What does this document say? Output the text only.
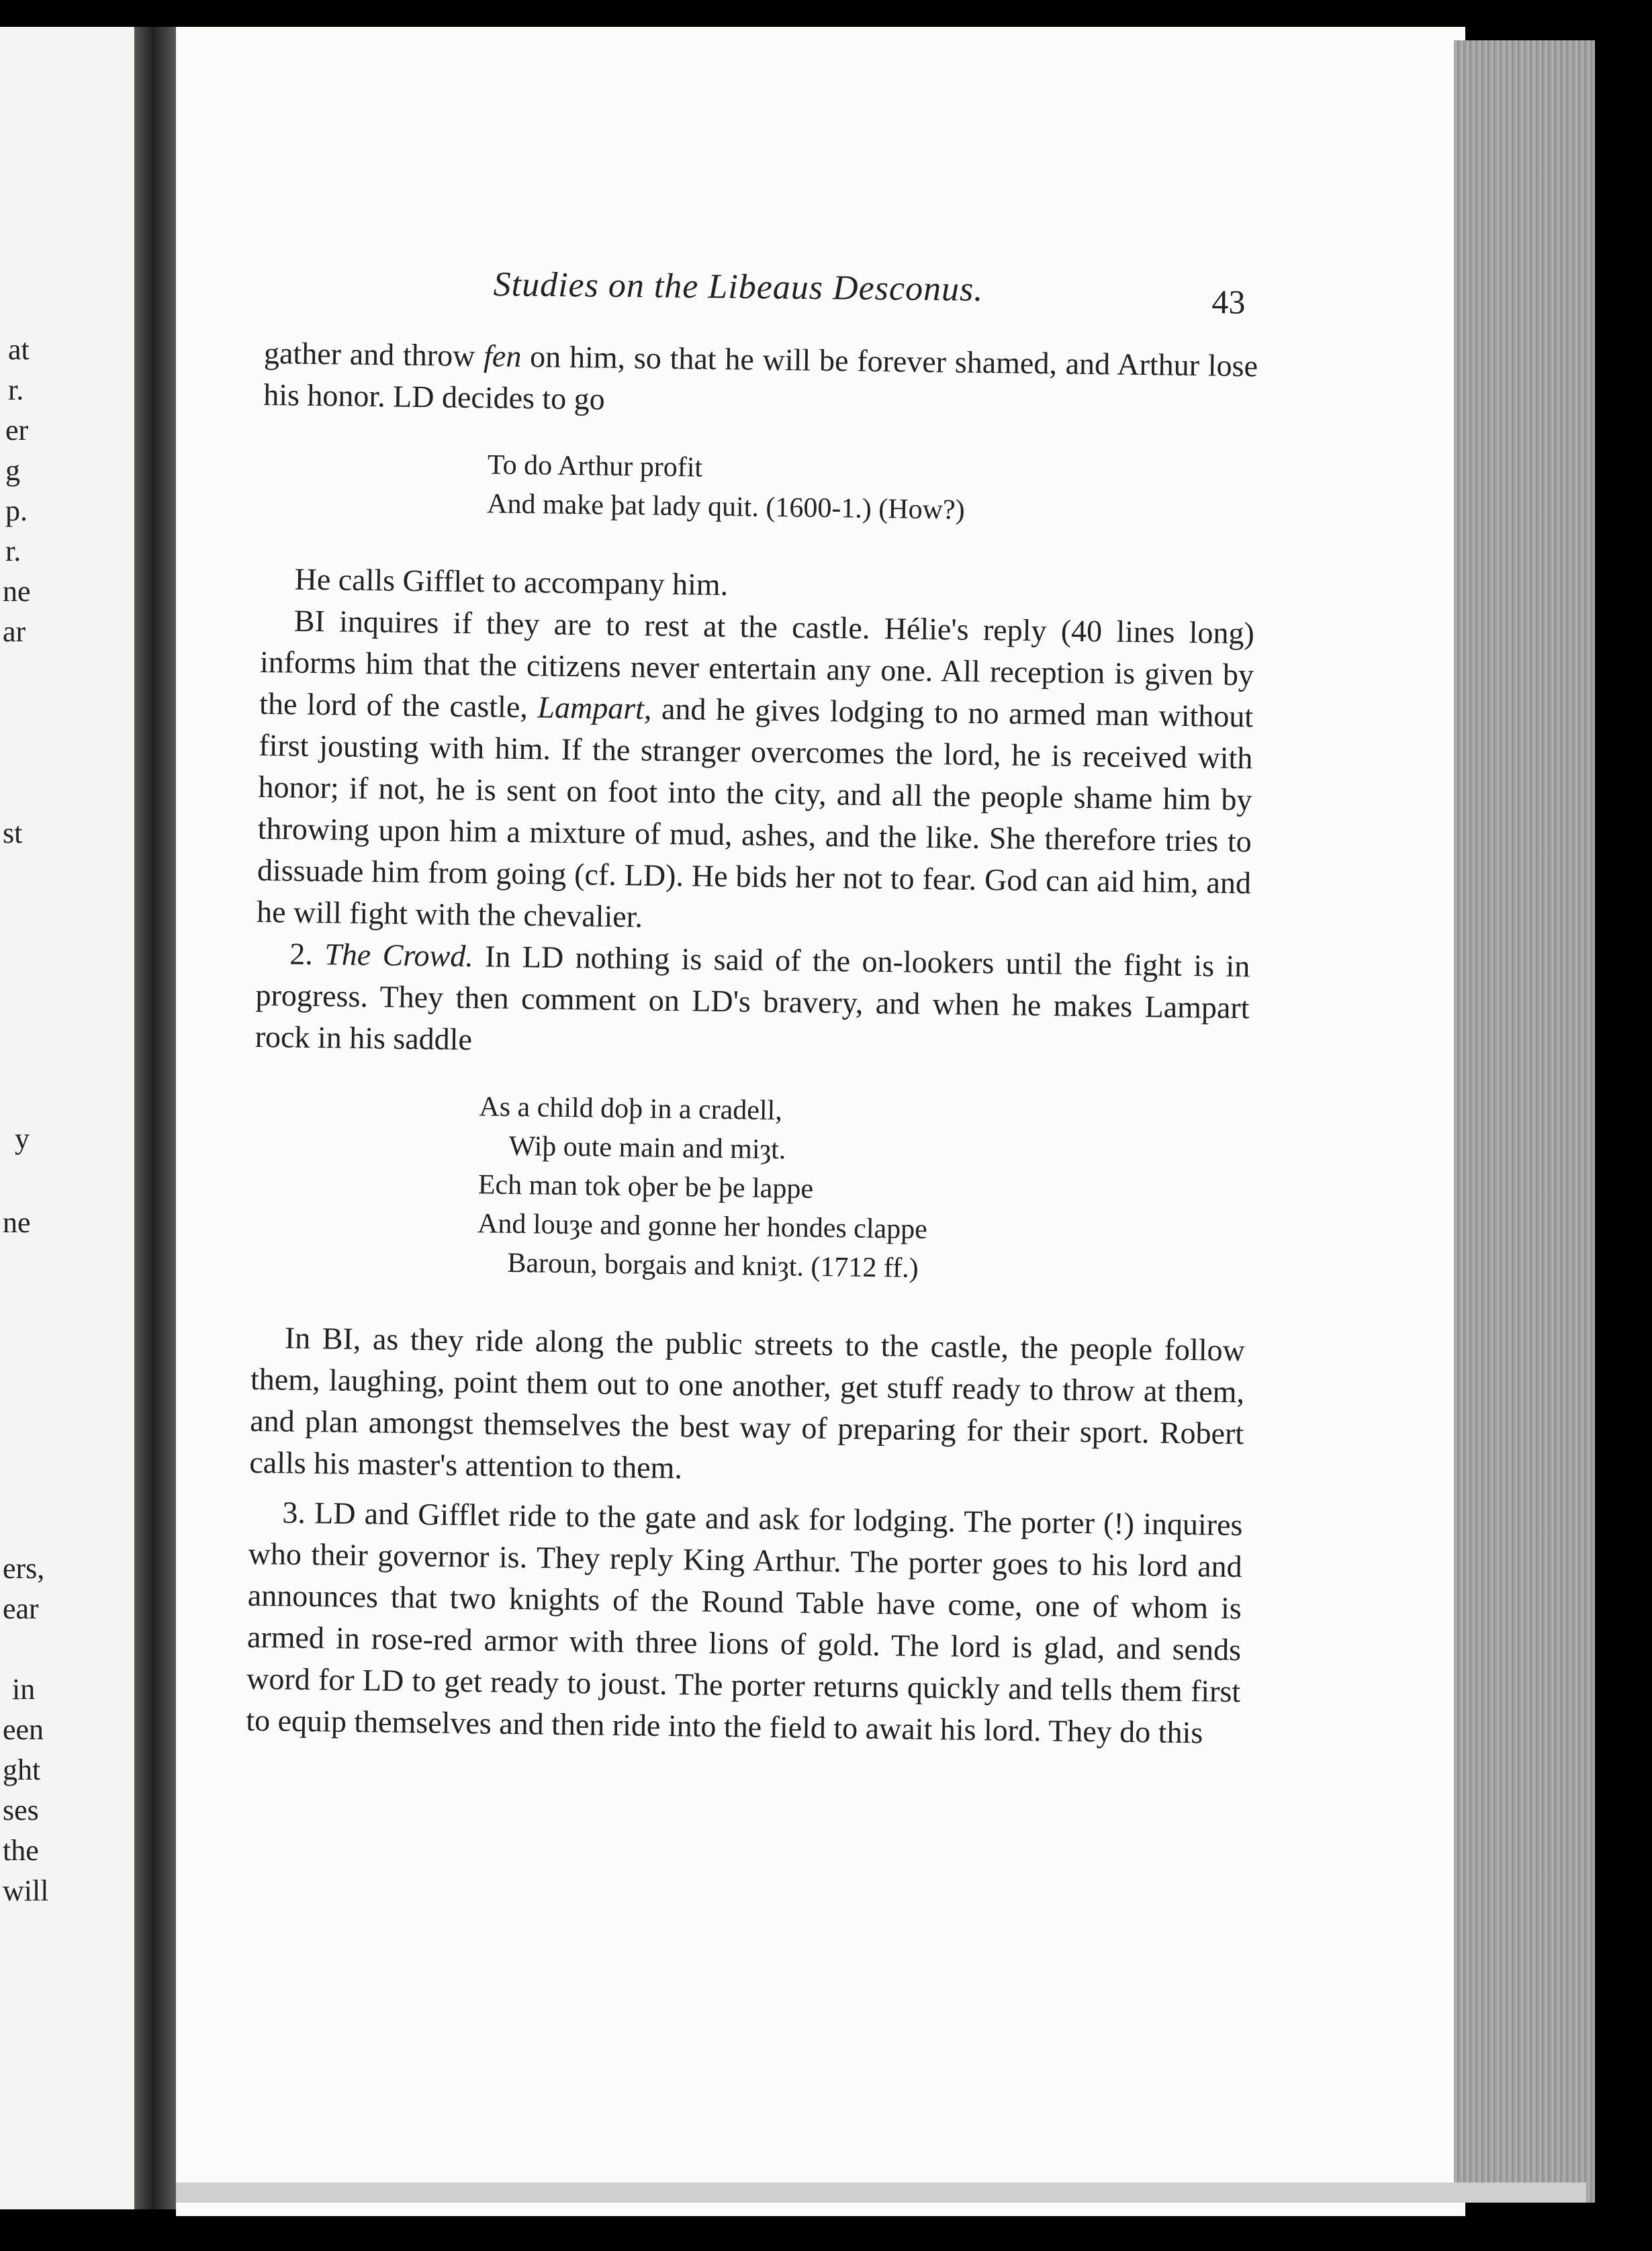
at
r.
er
g
p.
r.
ne
ar
st
y
ne
ers,
ear
in
een
ght
ses
the
will
Studies on the Libeaus Desconus.	43

gather and throw fen on him, so that he will be forever shamed, and Arthur lose his honor. LD decides to go

To do Arthur profit

And make þat lady quit. (1600-1.) (How?)

He calls Gifflet to accompany him.

BI inquires if they are to rest at the castle. Hélie's reply (40 lines long) informs him that the citizens never entertain any one. All reception is given by the lord of the castle, Lampart, and he gives lodging to no armed man without first jousting with him. If the stranger overcomes the lord, he is received with honor; if not, he is sent on foot into the city, and all the people shame him by throwing upon him a mixture of mud, ashes, and the like. She therefore tries to dissuade him from going (cf. LD). He bids her not to fear. God can aid him, and he will fight with the chevalier.

2. The Crowd. In LD nothing is said of the on-lookers until the fight is in progress. They then comment on LD's bravery, and when he makes Lampart rock in his saddle

As a child doþ in a cradell,

Wiþ oute main and miȝt.

Ech man tok oþer be þe lappe

And louȝe and gonne her hondes clappe

Baroun, borgais and kniȝt. (1712 ff.)

In BI, as they ride along the public streets to the castle, the people follow them, laughing, point them out to one another, get stuff ready to throw at them, and plan amongst themselves the best way of preparing for their sport. Robert calls his master's attention to them.

3. LD and Gifflet ride to the gate and ask for lodging. The porter (!) inquires who their governor is. They reply King Arthur. The porter goes to his lord and announces that two knights of the Round Table have come, one of whom is armed in rose-red armor with three lions of gold. The lord is glad, and sends word for LD to get ready to joust. The porter returns quickly and tells them first to equip themselves and then ride into the field to await his lord. They do this
